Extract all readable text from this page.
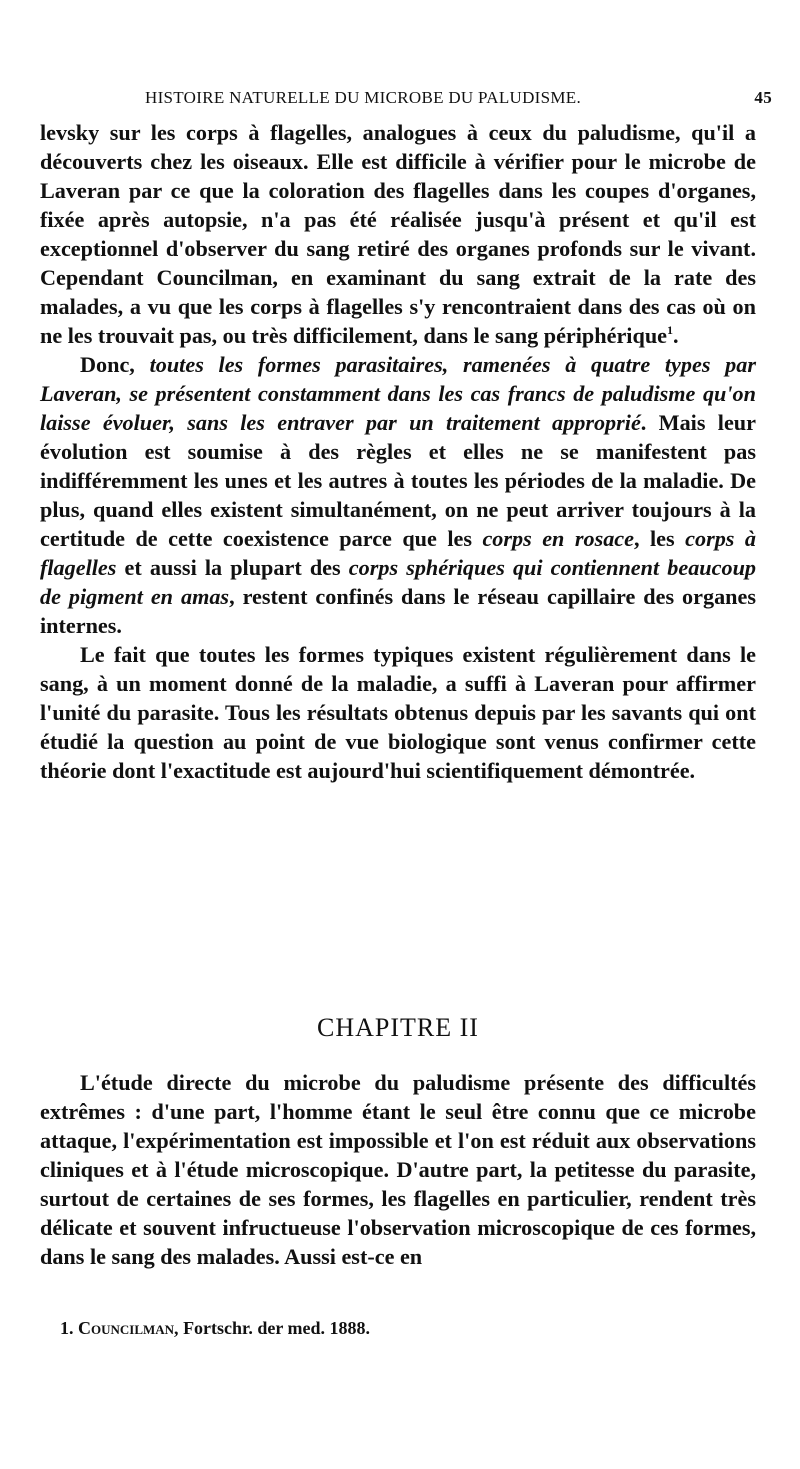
HISTOIRE NATURELLE DU MICROBE DU PALUDISME.	45

levsky sur les corps à flagelles, analogues à ceux du paludisme, qu'il a découverts chez les oiseaux. Elle est difficile à vérifier pour le microbe de Laveran par ce que la coloration des flagelles dans les coupes d'organes, fixée après autopsie, n'a pas été réalisée jusqu'à présent et qu'il est exceptionnel d'observer du sang retiré des organes profonds sur le vivant. Cependant Councilman, en examinant du sang extrait de la rate des malades, a vu que les corps à flagelles s'y rencontraient dans des cas où on ne les trouvait pas, ou très difficilement, dans le sang périphérique$^1$.

Donc, toutes les formes parasitaires, ramenées à quatre types par Laveran, se présentent constamment dans les cas francs de paludisme qu'on laisse évoluer, sans les entraver par un traitement approprié. Mais leur évolution est soumise à des règles et elles ne se manifestent pas indifféremment les unes et les autres à toutes les périodes de la maladie. De plus, quand elles existent simultanément, on ne peut arriver toujours à la certitude de cette coexistence parce que les corps en rosace, les corps à flagelles et aussi la plupart des corps sphériques qui contiennent beaucoup de pigment en amas, restent confinés dans le réseau capillaire des organes internes.

Le fait que toutes les formes typiques existent régulièrement dans le sang, à un moment donné de la maladie, a suffi à Laveran pour affirmer l'unité du parasite. Tous les résultats obtenus depuis par les savants qui ont étudié la question au point de vue biologique sont venus confirmer cette théorie dont l'exactitude est aujourd'hui scientifiquement démontrée.

CHAPITRE II

L'étude directe du microbe du paludisme présente des difficultés extrêmes : d'une part, l'homme étant le seul être connu que ce microbe attaque, l'expérimentation est impossible et l'on est réduit aux observations cliniques et à l'étude microscopique. D'autre part, la petitesse du parasite, surtout de certaines de ses formes, les flagelles en particulier, rendent très délicate et souvent infructueuse l'observation microscopique de ces formes, dans le sang des malades. Aussi est-ce en

1. Councilman, Fortschr. der med. 1888.
